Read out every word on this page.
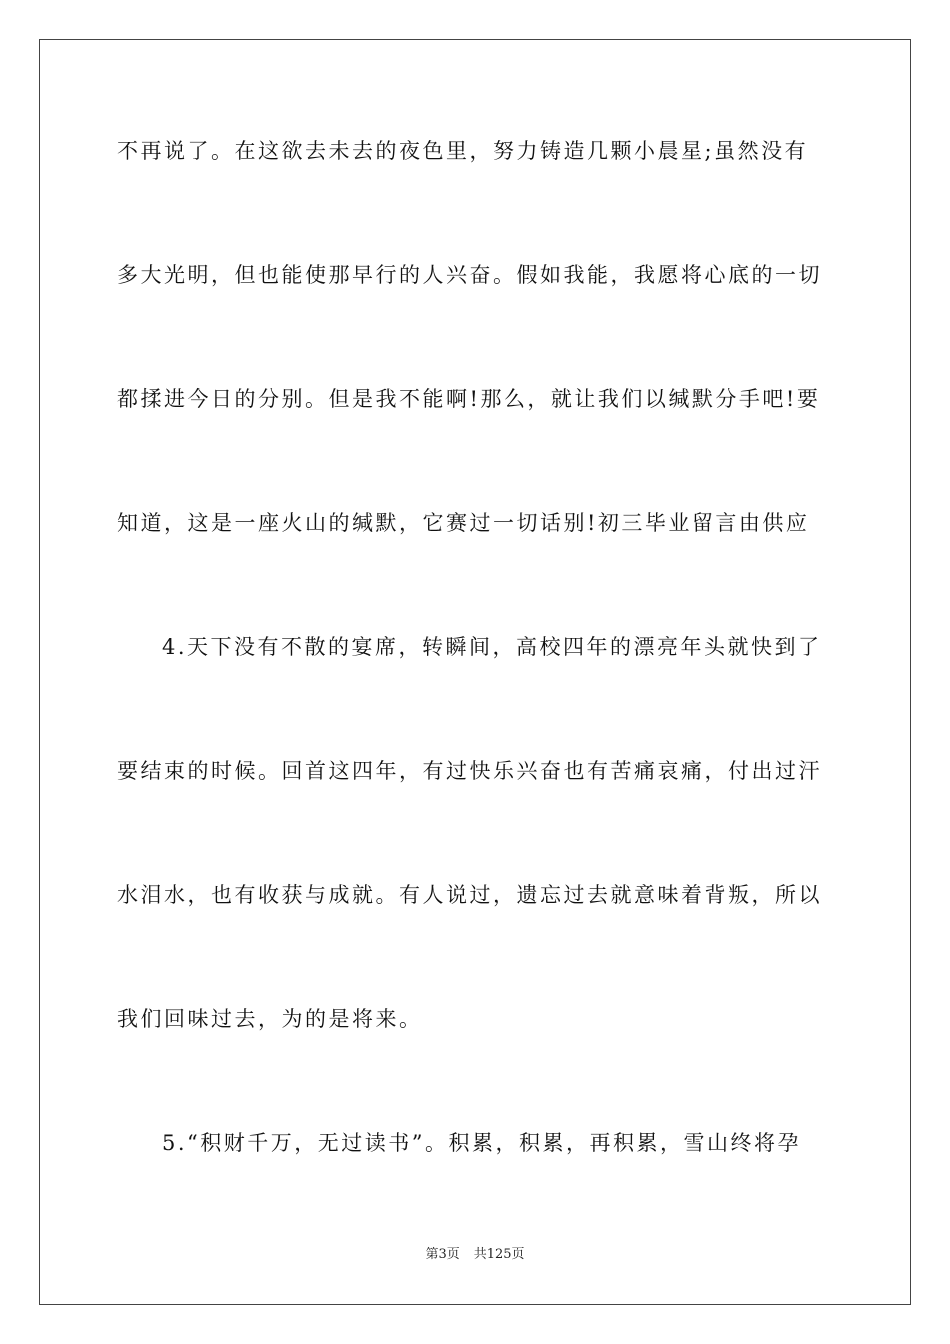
不再说了。在这欲去未去的夜色里，努力铸造几颗小晨星;虽然没有
多大光明，但也能使那早行的人兴奋。假如我能，我愿将心底的一切
都揉进今日的分别。但是我不能啊!那么，就让我们以缄默分手吧!要
知道，这是一座火山的缄默，它赛过一切话别!初三毕业留言由供应
4.天下没有不散的宴席，转瞬间，高校四年的漂亮年头就快到了
要结束的时候。回首这四年，有过快乐兴奋也有苦痛哀痛，付出过汗
水泪水，也有收获与成就。有人说过，遗忘过去就意味着背叛，所以
我们回味过去，为的是将来。
5.“积财千万，无过读书”。积累，积累，再积累，雪山终将孕
第3页 共125页
